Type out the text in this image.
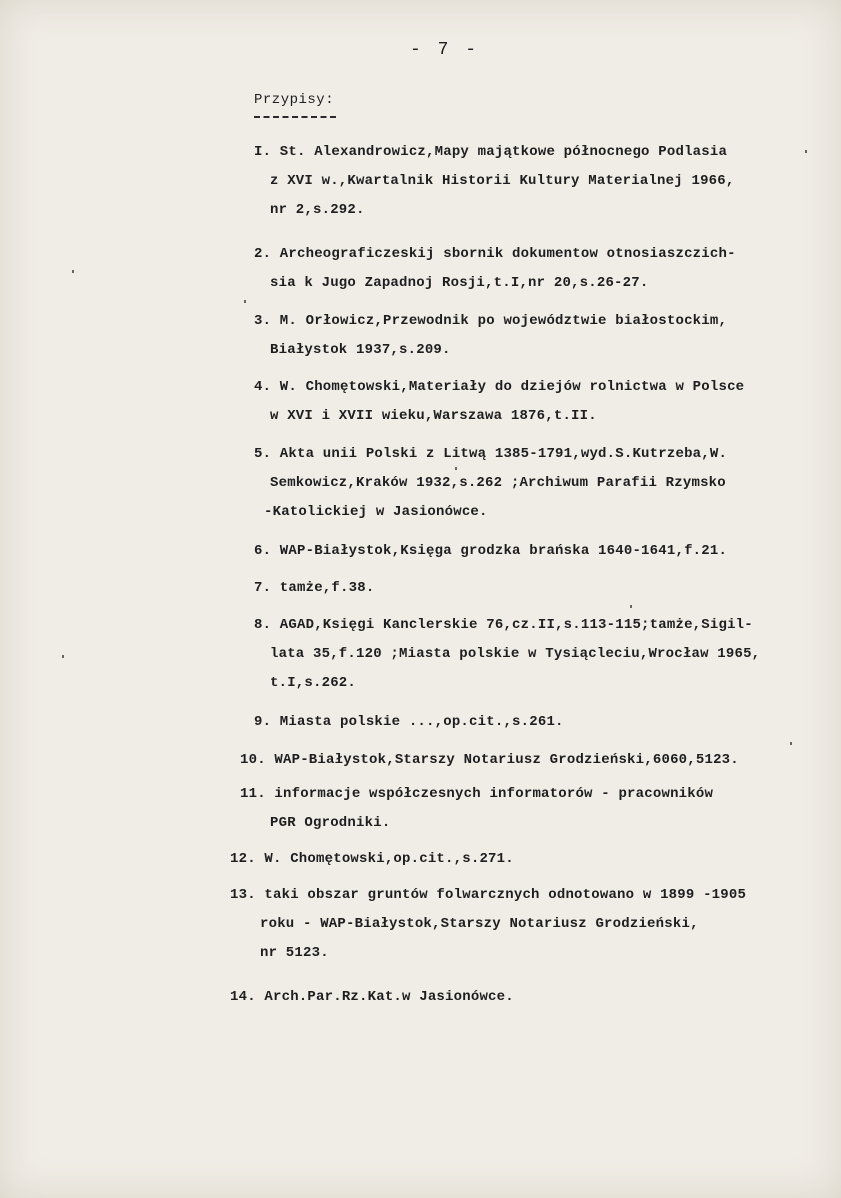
- 7 -
Przypisy:
I. St. Alexandrowicz,Mapy majątkowe północnego Podlasia
z XVI w.,Kwartalnik Historii Kultury Materialnej 1966,
nr 2,s.292.
2. Archeograficzeskij sbornik dokumentow otnosiaszczich-
sia k Jugo Zapadnoj Rosji,t.I,nr 20,s.26-27.
3. M. Orłowicz,Przewodnik po województwie białostockim,
Białystok 1937,s.209.
4. W. Chomętowski,Materiały do dziejów rolnictwa w Polsce
w XVI i XVII wieku,Warszawa 1876,t.II.
5. Akta unii Polski z Litwą 1385-1791,wyd.S.Kutrzeba,W.
Semkowicz,Kraków 1932,s.262 ;Archiwum Parafii Rzymsko
-Katolickiej w Jasionówce.
6. WAP-Białystok,Księga grodzka brańska 1640-1641,f.21.
7. tamże,f.38.
8. AGAD,Księgi Kanclerskie 76,cz.II,s.113-115;tamże,Sigil-
lata 35,f.120 ;Miasta polskie w Tysiącleciu,Wrocław 1965,
t.I,s.262.
9. Miasta polskie ...,op.cit.,s.261.
10. WAP-Białystok,Starszy Notariusz Grodzieński,6060,5123.
11. informacje współczesnych informatorów - pracowników
PGR Ogrodniki.
12. W. Chomętowski,op.cit.,s.271.
13. taki obszar gruntów folwarcznych odnotowano w 1899 -1905
roku - WAP-Białystok,Starszy Notariusz Grodzieński,
nr 5123.
14. Arch.Par.Rz.Kat.w Jasionówce.
